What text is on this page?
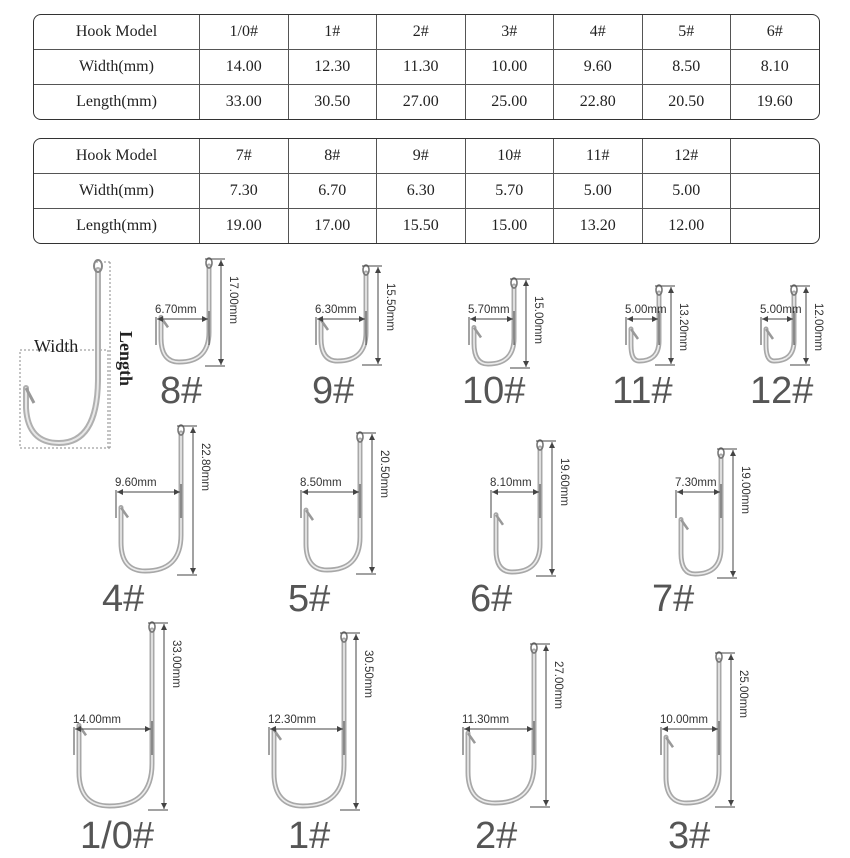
Hook Model	1/0#	1#	2#	3#	4#	5#	6#
Width(mm)	14.00	12.30	11.30	10.00	9.60	8.50	8.10
Length(mm)	33.00	30.50	27.00	25.00	22.80	20.50	19.60
Hook Model	7#	8#	9#	10#	11#	12#	
Width(mm)	7.30	6.70	6.30	5.70	5.00	5.00	
Length(mm)	19.00	17.00	15.50	15.00	13.20	12.00	
Width Length
6.70mm	17.00mm
8#
6.30mm 15.50mm
9#
5.70mm 15.00mm
10#
5.00mm 13.20mm
11#
5.00mm 12.00mm
12#
9.60mm	22.80mm
4#
8.50mm	20.50mm
5#
8.10mm 19.60mm
6#
7.30mm 19.00mm
7#
14.00mm
33.00mm
1/0#
12.30mm
30.50mm
1#
11.30mm
27.00mm
2#
10.00mm
25.00mm
3#
